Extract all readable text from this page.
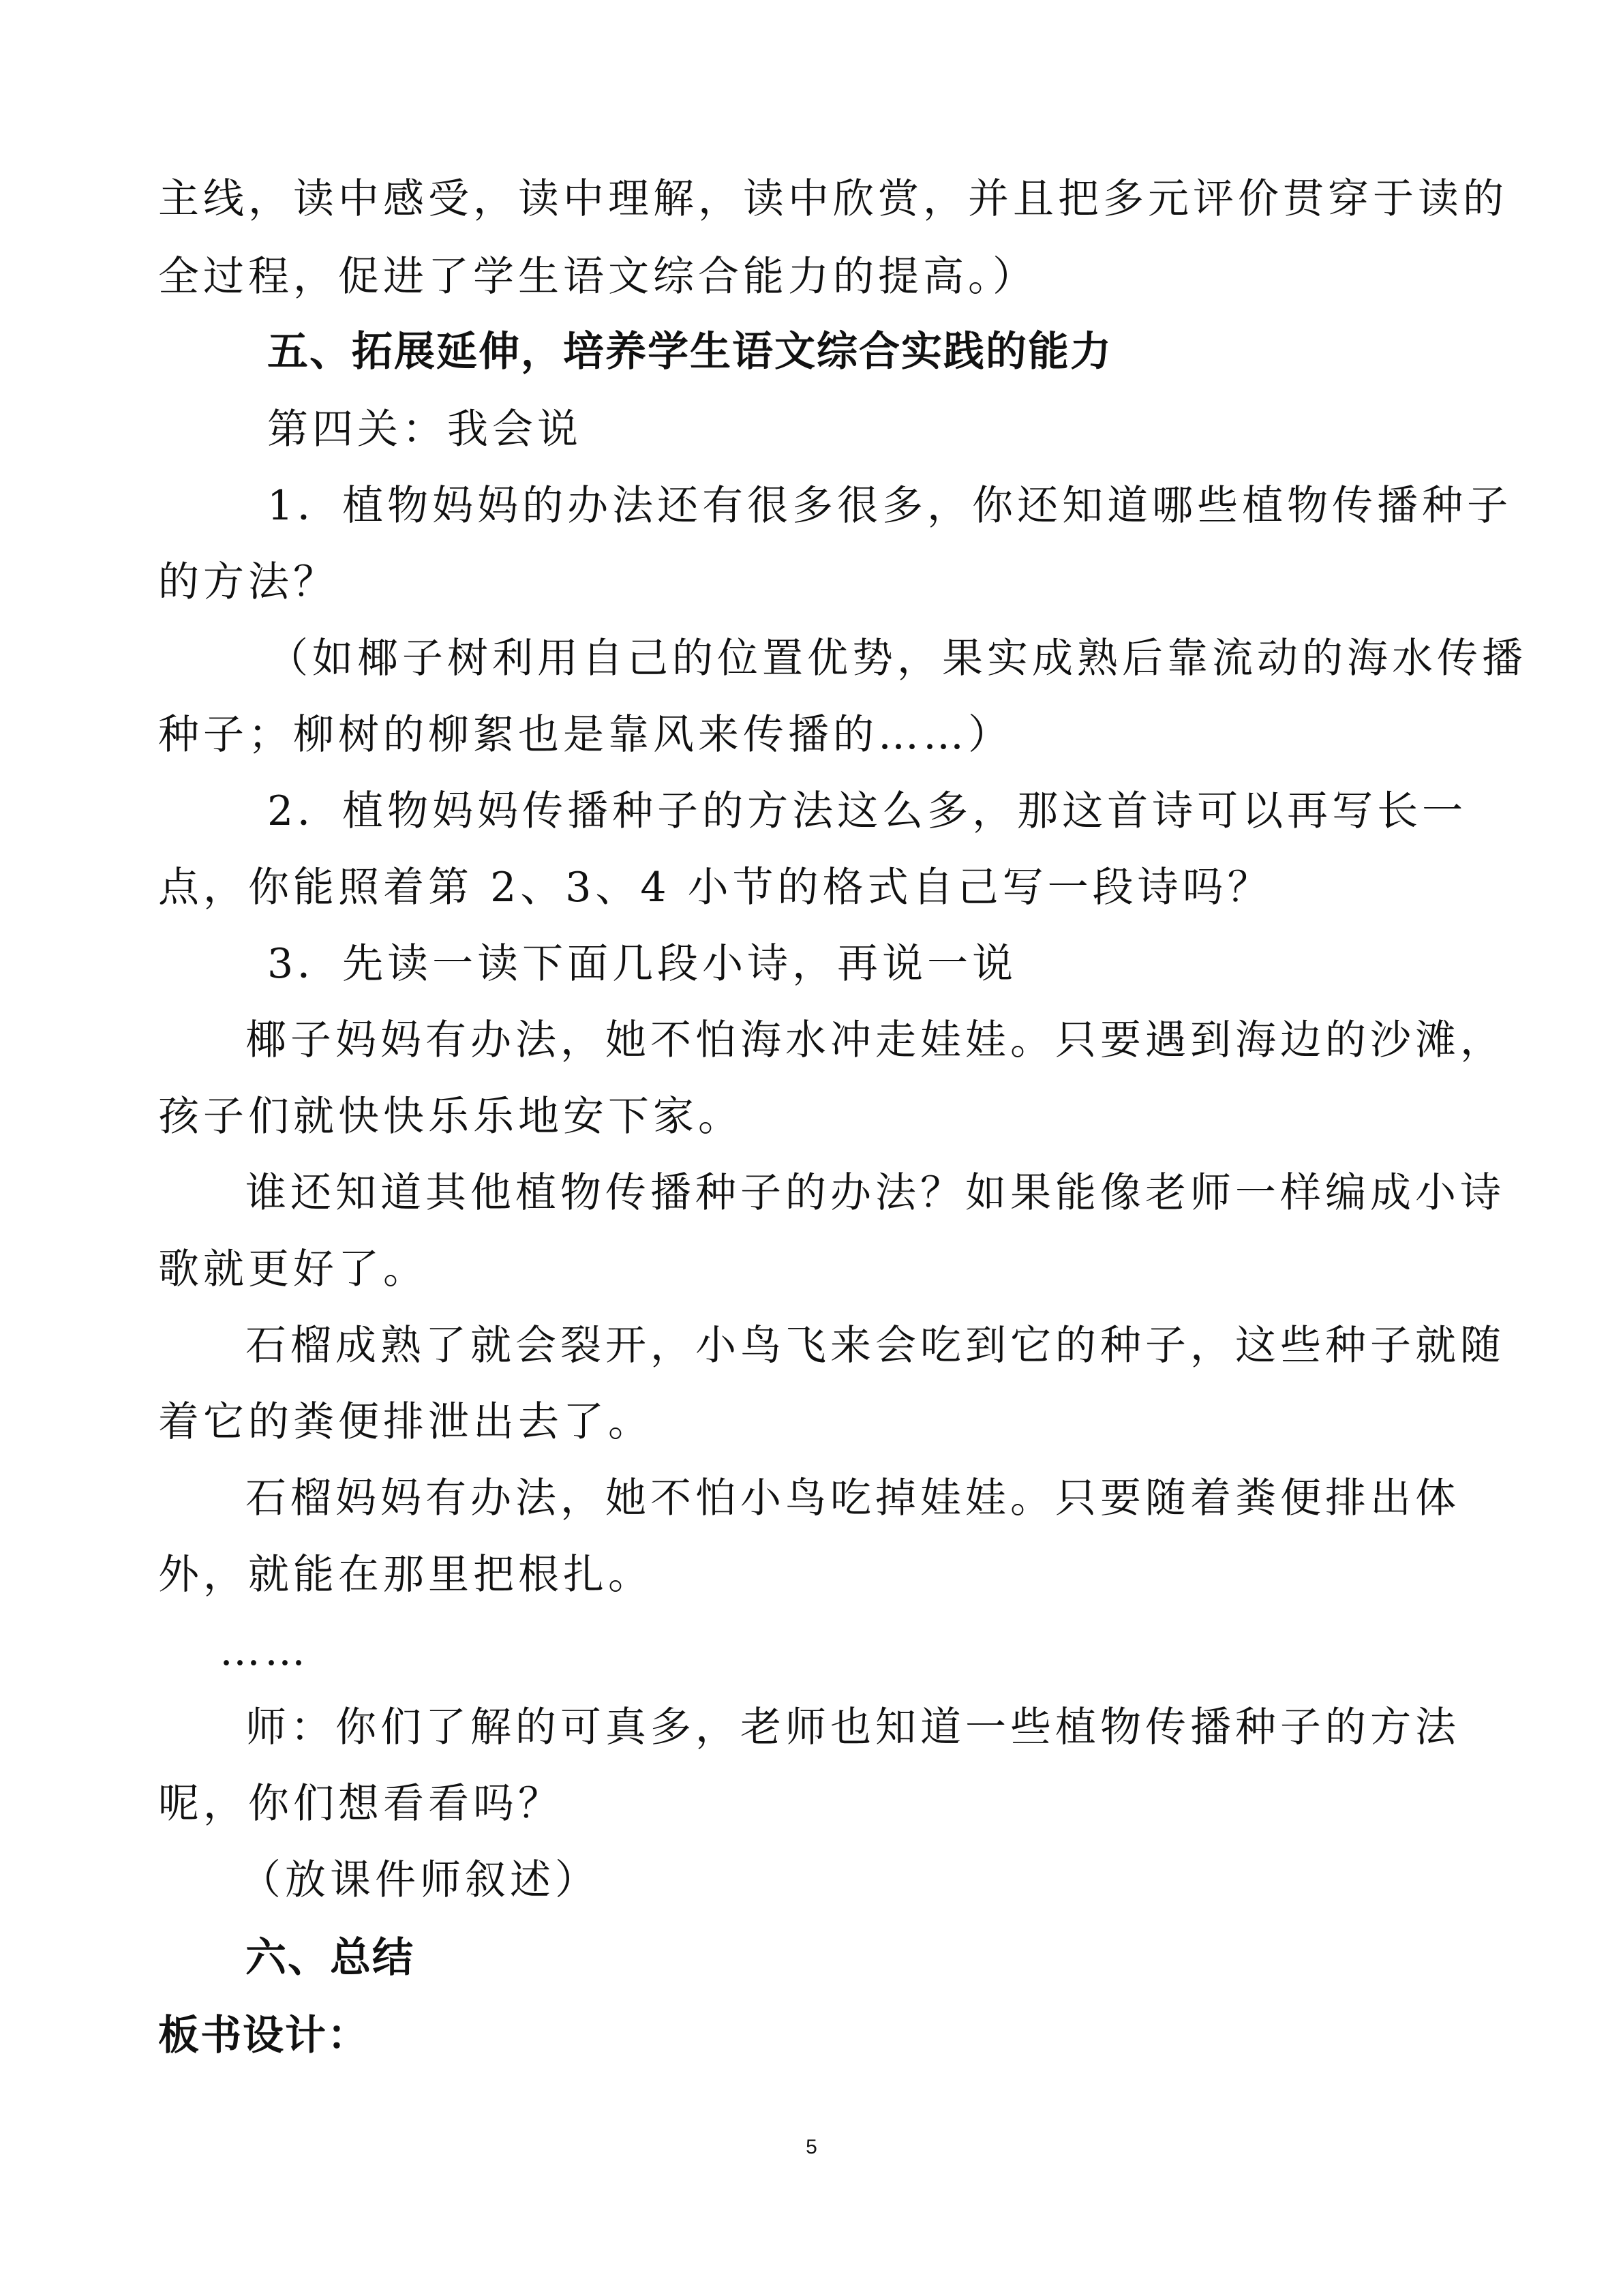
主线，读中感受，读中理解，读中欣赏，并且把多元评价贯穿于读的
全过程，促进了学生语文综合能力的提高。）
五、拓展延伸，培养学生语文综合实践的能力
第四关：我会说
1．植物妈妈的办法还有很多很多，你还知道哪些植物传播种子
的方法？
（如椰子树利用自己的位置优势，果实成熟后靠流动的海水传播
种子；柳树的柳絮也是靠风来传播的……）
2．植物妈妈传播种子的方法这么多，那这首诗可以再写长一
点，你能照着第 2、3、4 小节的格式自己写一段诗吗？
3．先读一读下面几段小诗，再说一说
椰子妈妈有办法，她不怕海水冲走娃娃。只要遇到海边的沙滩，
孩子们就快快乐乐地安下家。
谁还知道其他植物传播种子的办法？如果能像老师一样编成小诗
歌就更好了。
石榴成熟了就会裂开，小鸟飞来会吃到它的种子，这些种子就随
着它的粪便排泄出去了。
石榴妈妈有办法，她不怕小鸟吃掉娃娃。只要随着粪便排出体
外，就能在那里把根扎。
……
师：你们了解的可真多，老师也知道一些植物传播种子的方法
呢，你们想看看吗？
（放课件师叙述）
六、总结
板书设计：
5
